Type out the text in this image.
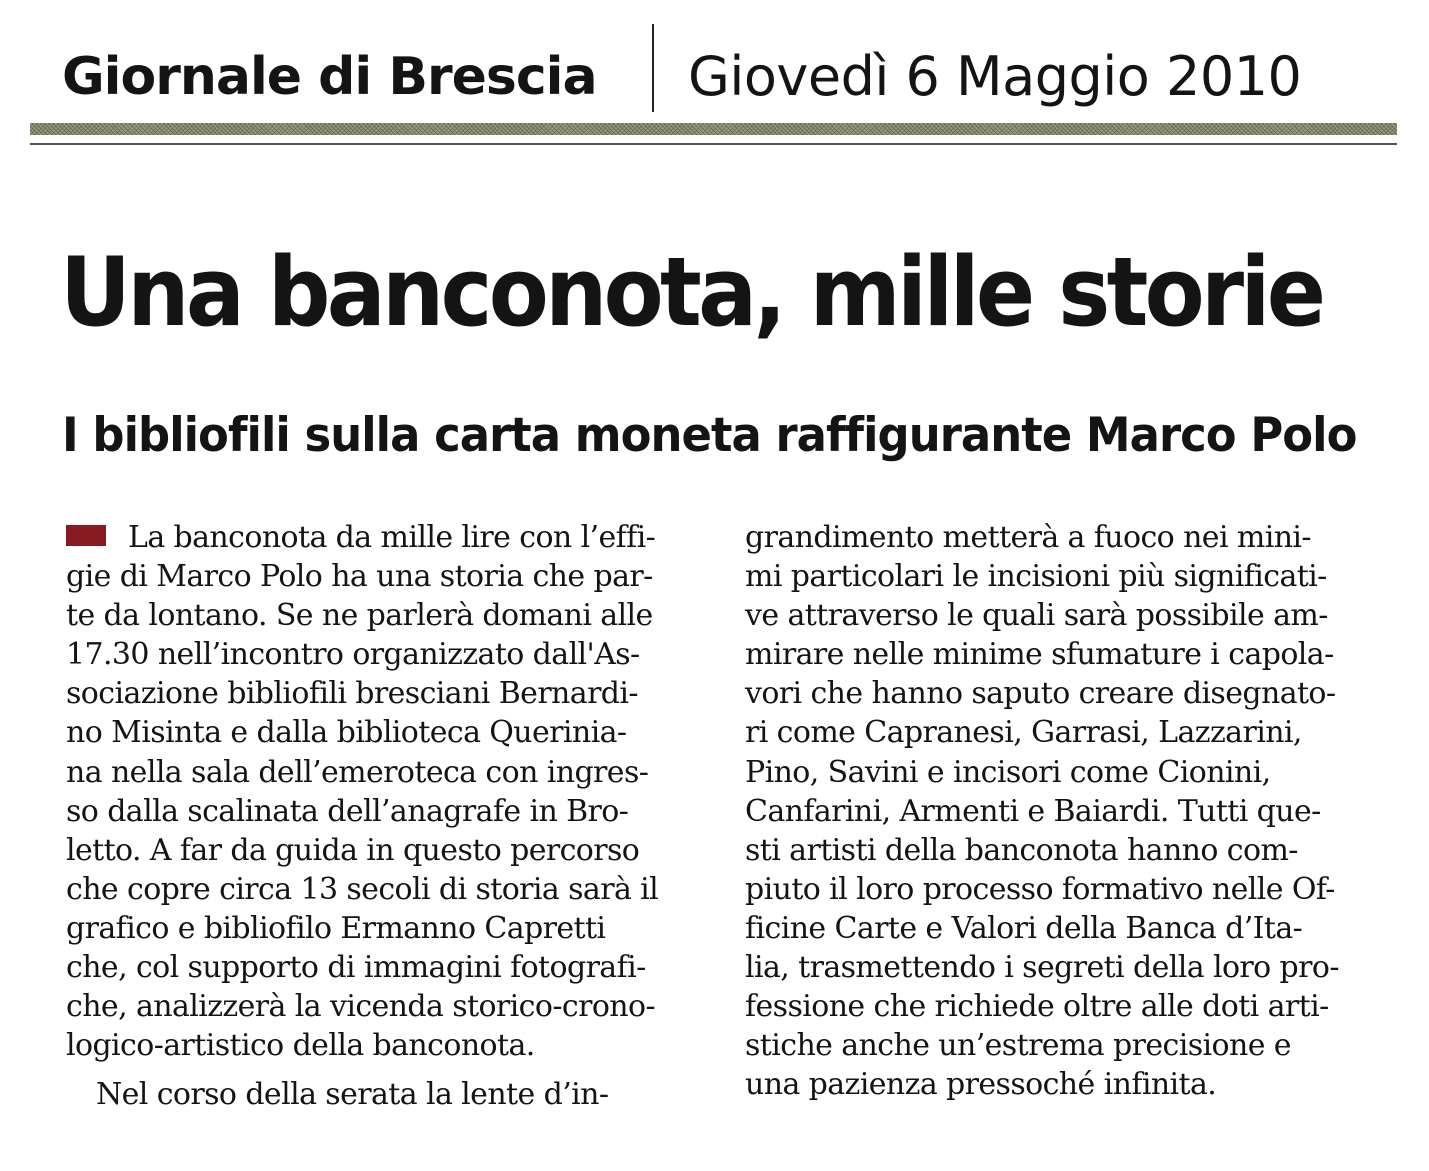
Giornale di Brescia Giovedì 6 Maggio 2010
Una banconota, mille storie
I bibliofili sulla carta moneta raffigurante Marco Polo
La banconota da mille lire con l’effi-
gie di Marco Polo ha una storia che par-
te da lontano. Se ne parlerà domani alle
17.30 nell’incontro organizzato dall'As-
sociazione bibliofili bresciani Bernardi-
no Misinta e dalla biblioteca Querinia-
na nella sala dell’emeroteca con ingres-
so dalla scalinata dell’anagrafe in Bro-
letto. A far da guida in questo percorso
che copre circa 13 secoli di storia sarà il
grafico e bibliofilo Ermanno Capretti
che, col supporto di immagini fotografi-
che, analizzerà la vicenda storico-crono-
logico-artistico della banconota.
Nel corso della serata la lente d’in-
grandimento metterà a fuoco nei mini-
mi particolari le incisioni più significati-
ve attraverso le quali sarà possibile am-
mirare nelle minime sfumature i capola-
vori che hanno saputo creare disegnato-
ri come Capranesi, Garrasi, Lazzarini,
Pino, Savini e incisori come Cionini,
Canfarini, Armenti e Baiardi. Tutti que-
sti artisti della banconota hanno com-
piuto il loro processo formativo nelle Of-
ficine Carte e Valori della Banca d’Ita-
lia, trasmettendo i segreti della loro pro-
fessione che richiede oltre alle doti arti-
stiche anche un’estrema precisione e
una pazienza pressoché infinita.
